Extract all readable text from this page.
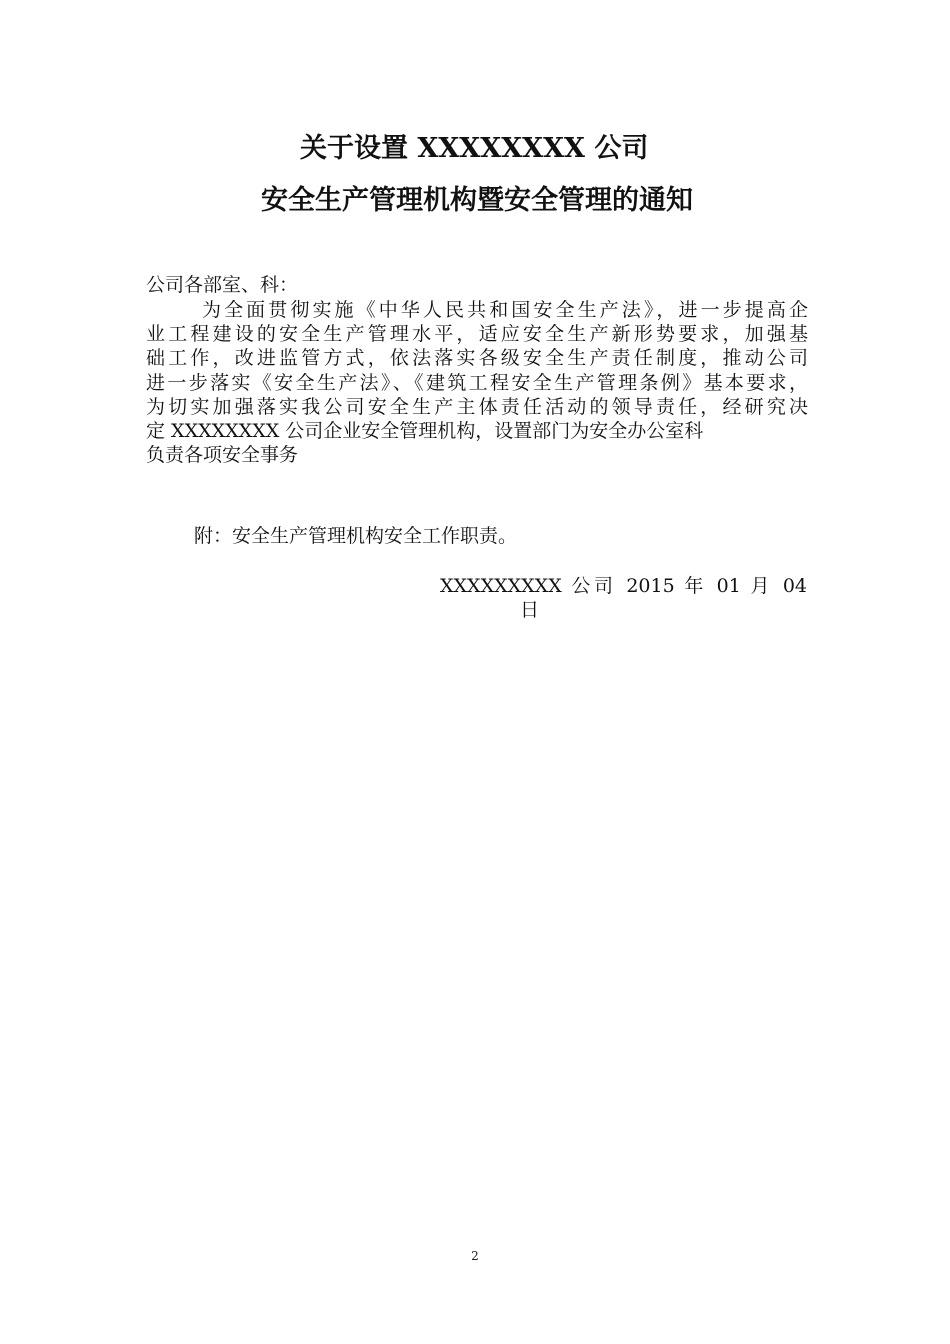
关于设置 XXXXXXXX 公司
安全生产管理机构暨安全管理的通知
公司各部室、科：
为全面贯彻实施《中华人民共和国安全生产法》，进一步提高企
业工程建设的安全生产管理水平，适应安全生产新形势要求，加强基
础工作，改进监管方式，依法落实各级安全生产责任制度，推动公司
进一步落实《安全生产法》、《建筑工程安全生产管理条例》基本要求，
为切实加强落实我公司安全生产主体责任活动的领导责任，经研究决
定 XXXXXXXX 公司企业安全管理机构，设置部门为安全办公室科
负责各项安全事务
附：安全生产管理机构安全工作职责。
XXXXXXXXX 公司 2015 年 01 月 04
日
2
